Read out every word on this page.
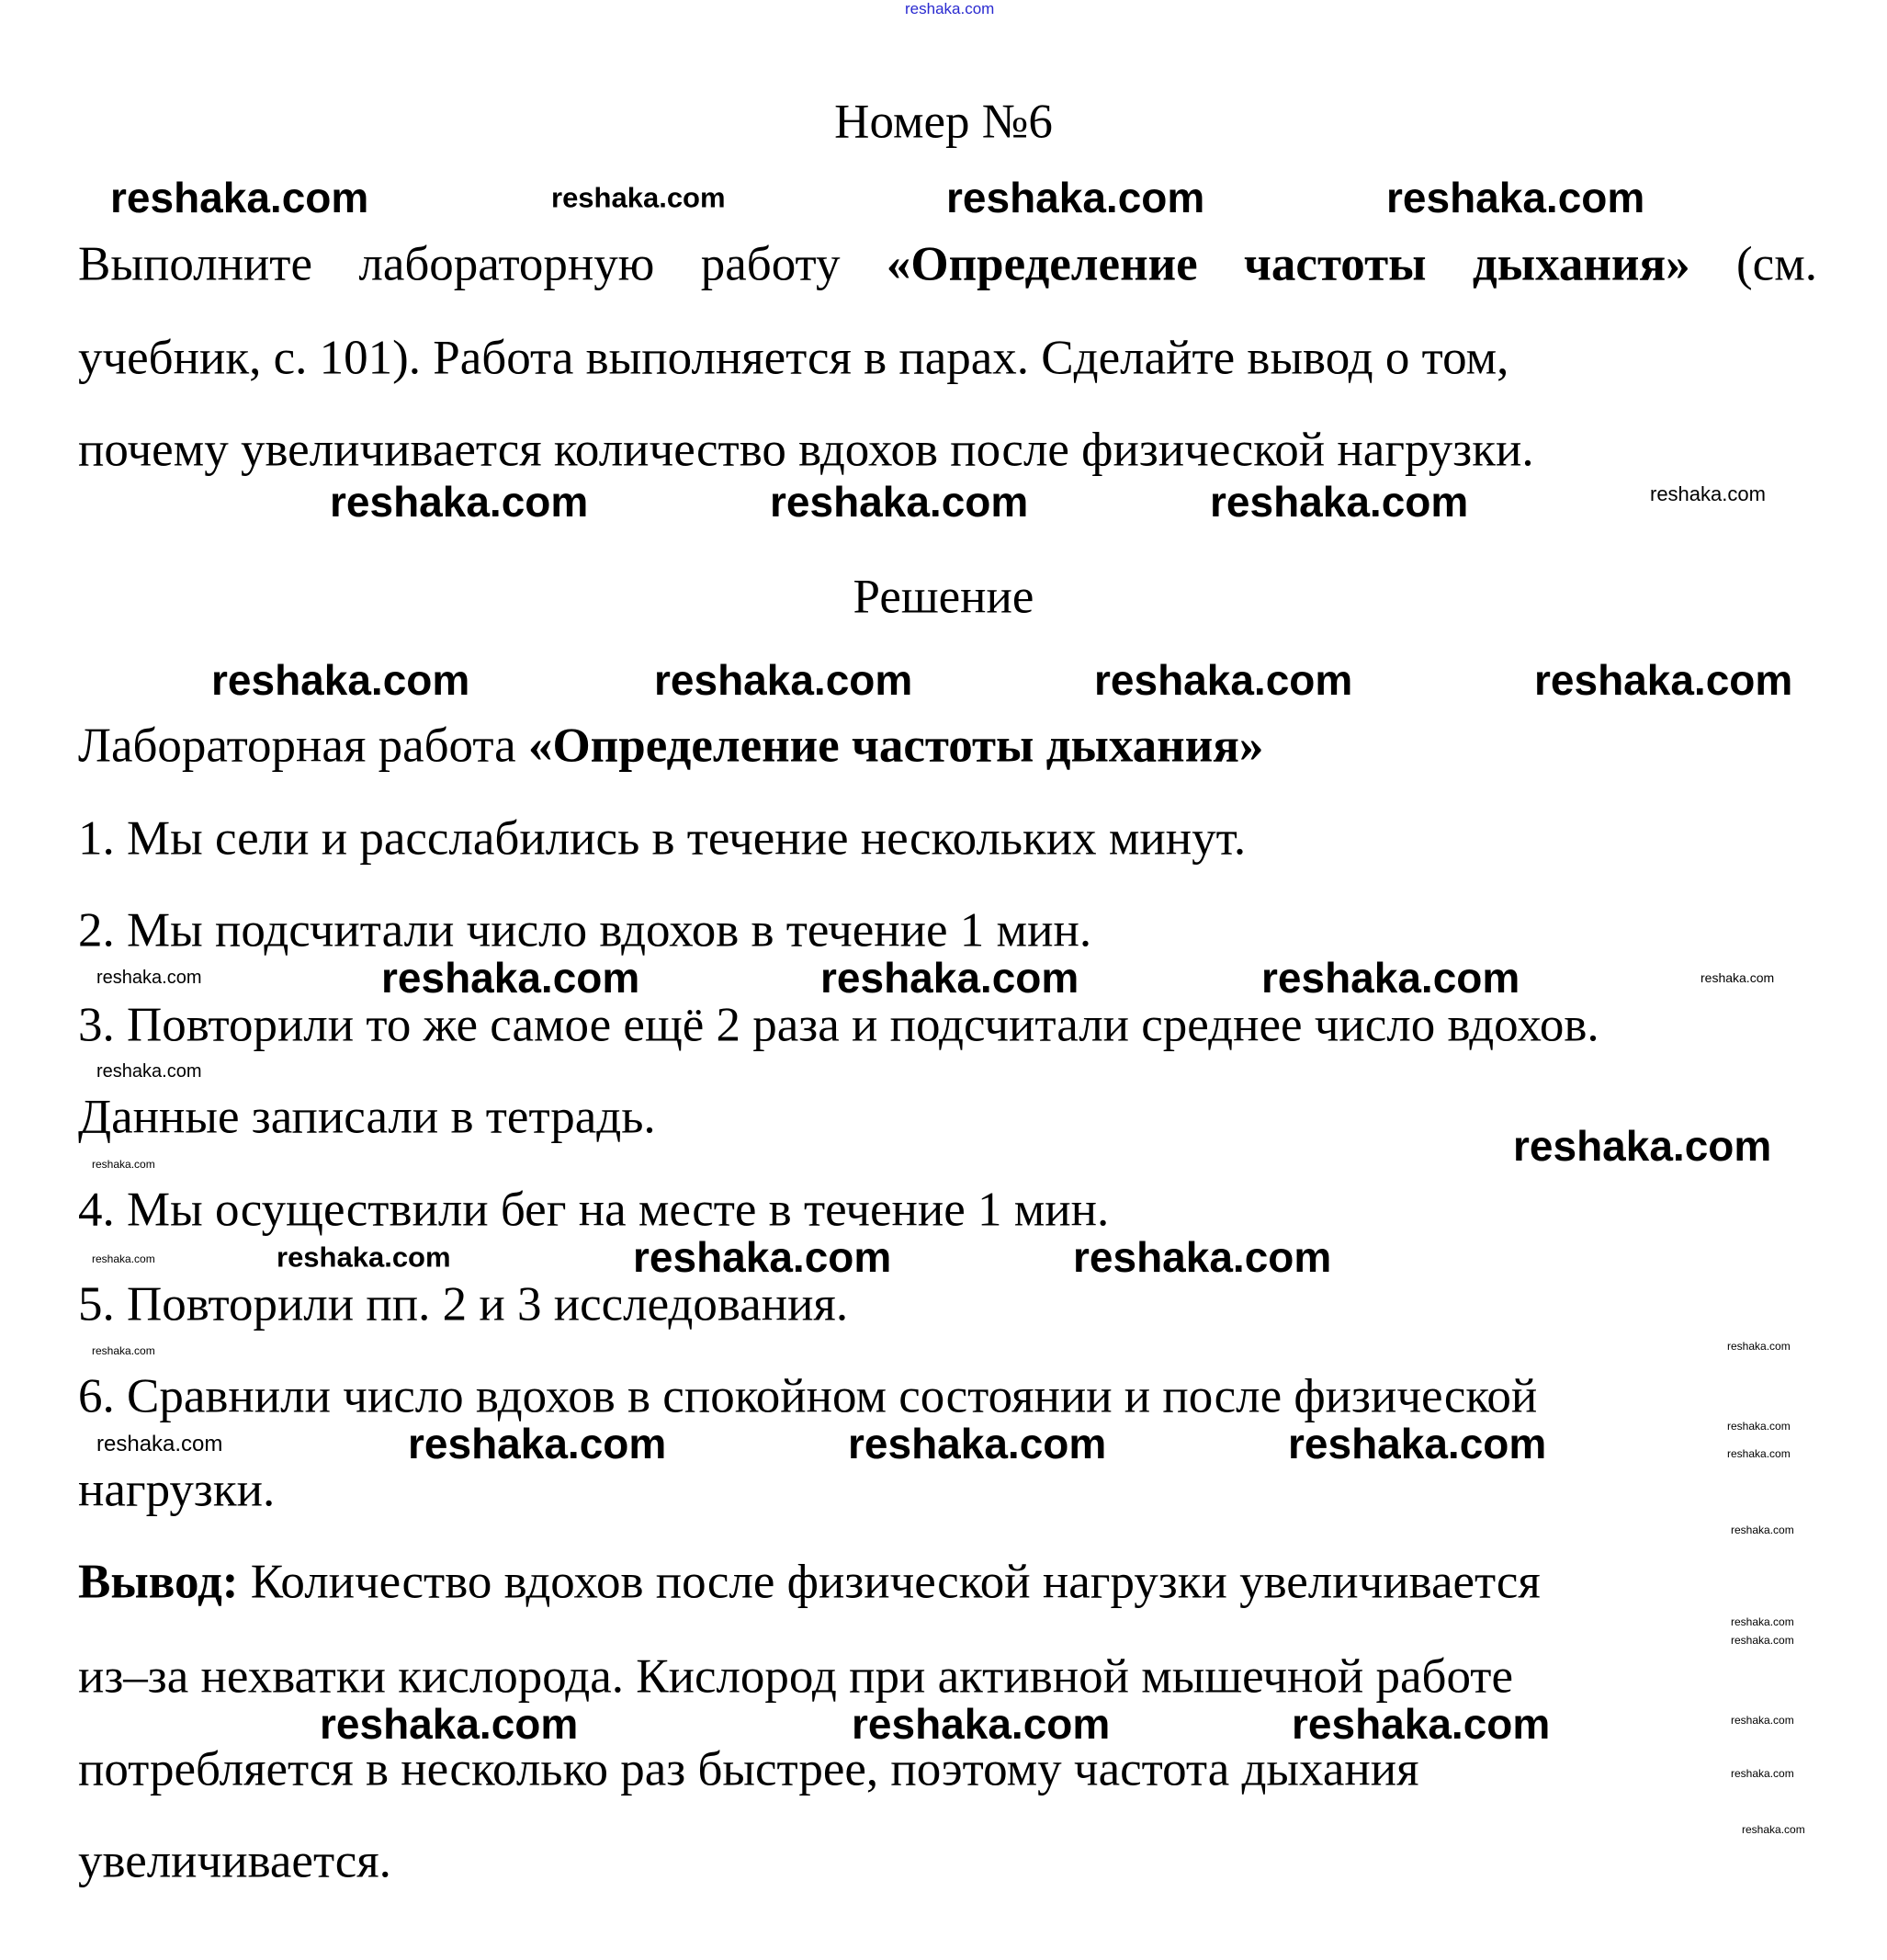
reshaka.com
Номер №6
Выполните лабораторную работу «Определение частоты дыхания» (см.
учебник, с. 101). Работа выполняется в парах. Сделайте вывод о том,
почему увеличивается количество вдохов после физической нагрузки.
Решение
Лабораторная работа «Определение частоты дыхания»
1. Мы сели и расслабились в течение нескольких минут.
2. Мы подсчитали число вдохов в течение 1 мин.
3. Повторили то же самое ещё 2 раза и подсчитали среднее число вдохов.
Данные записали в тетрадь.
4. Мы осуществили бег на месте в течение 1 мин.
5. Повторили пп. 2 и 3 исследования.
6. Сравнили число вдохов в спокойном состоянии и после физической
нагрузки.
Вывод: Количество вдохов после физической нагрузки увеличивается
из–за нехватки кислорода. Кислород при активной мышечной работе
потребляется в несколько раз быстрее, поэтому частота дыхания
увеличивается.
reshaka.com	reshaka.com	reshaka.com	reshaka.com
reshaka.com	reshaka.com	reshaka.com	reshaka.com
reshaka.com	reshaka.com	reshaka.com	reshaka.com
reshaka.com	reshaka.com
reshaka.com	reshaka.com	reshaka.com
reshaka.com
reshaka.com
reshaka.com
reshaka.com	reshaka.com	reshaka.com
reshaka.com
reshaka.com	reshaka.com
reshaka.com
reshaka.com
reshaka.com
reshaka.com
reshaka.com
reshaka.com
reshaka.com
reshaka.com
reshaka.com	reshaka.com	reshaka.com	reshaka.com
reshaka.com	reshaka.com	reshaka.com
